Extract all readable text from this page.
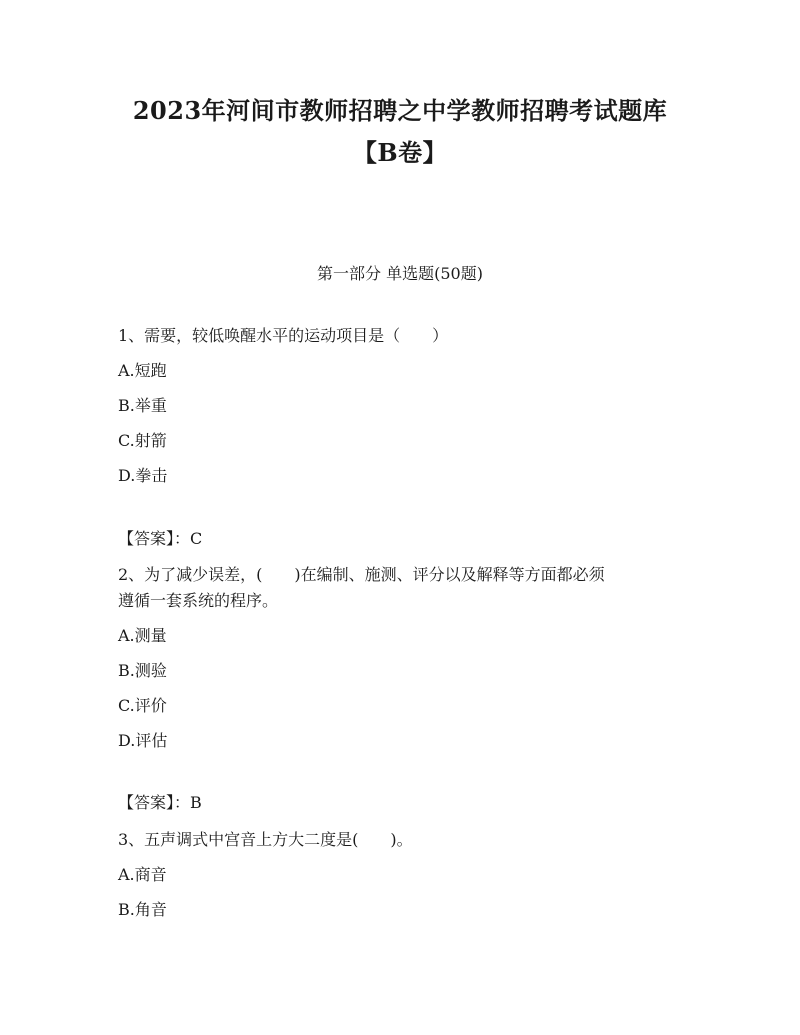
2023年河间市教师招聘之中学教师招聘考试题库
【B卷】
第一部分 单选题(50题)
1、需要，较低唤醒水平的运动项目是（　　）
A.短跑
B.举重
C.射箭
D.拳击
【答案】：C
2、为了减少误差，(　　)在编制、施测、评分以及解释等方面都必须
遵循一套系统的程序。
A.测量
B.测验
C.评价
D.评估
【答案】：B
3、五声调式中宫音上方大二度是(　　)。
A.商音
B.角音
